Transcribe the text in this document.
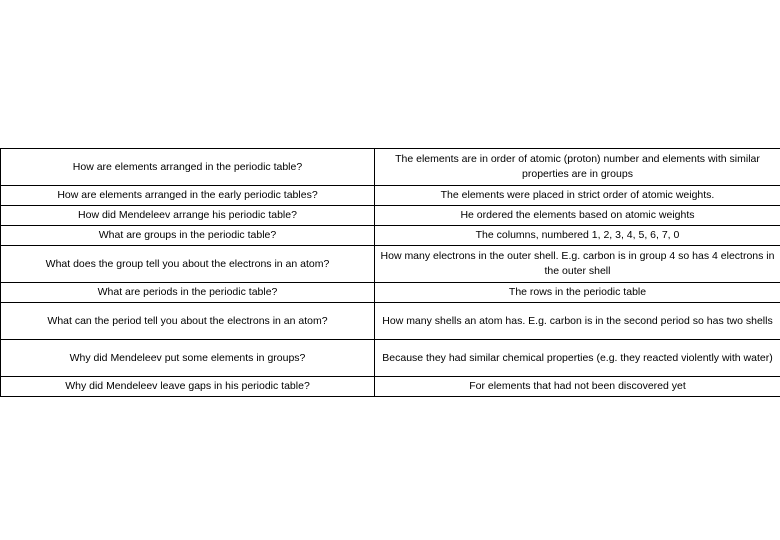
How are elements arranged in the periodic table?	The elements are in order of atomic (proton) number and elements with similar properties are in groups
How are elements arranged in the early periodic tables?	The elements were placed in strict order of atomic weights.
How did Mendeleev arrange his periodic table?	He ordered the elements based on atomic weights
What are groups in the periodic table?	The columns, numbered 1, 2, 3, 4, 5, 6, 7, 0
What does the group tell you about the electrons in an atom?	How many electrons in the outer shell. E.g. carbon is in group 4 so has 4 electrons in the outer shell
What are periods in the periodic table?	The rows in the periodic table
What can the period tell you about the electrons in an atom?	How many shells an atom has. E.g. carbon is in the second period so has two shells
Why did Mendeleev put some elements in groups?	Because they had similar chemical properties (e.g. they reacted violently with water)
Why did Mendeleev leave gaps in his periodic table?	For elements that had not been discovered yet
